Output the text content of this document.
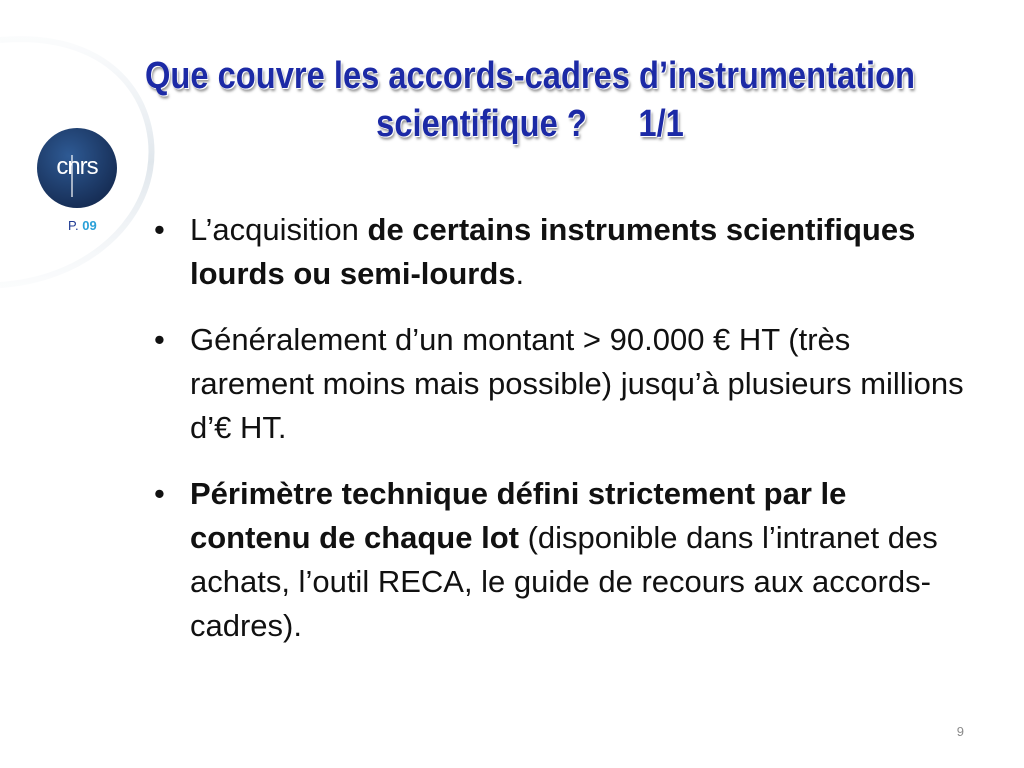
cnrs
P. 09
Que couvre les accords-cadres d’instrumentation
scientifique ? 1/1
• L’acquisition de certains instruments scientifiques lourds ou semi-lourds.
• Généralement d’un montant > 90.000 € HT (très rarement moins mais possible) jusqu’à plusieurs millions d’€ HT.
• Périmètre technique défini strictement par le contenu de chaque lot (disponible dans l’intranet des achats, l’outil RECA, le guide de recours aux accords-cadres).
9
